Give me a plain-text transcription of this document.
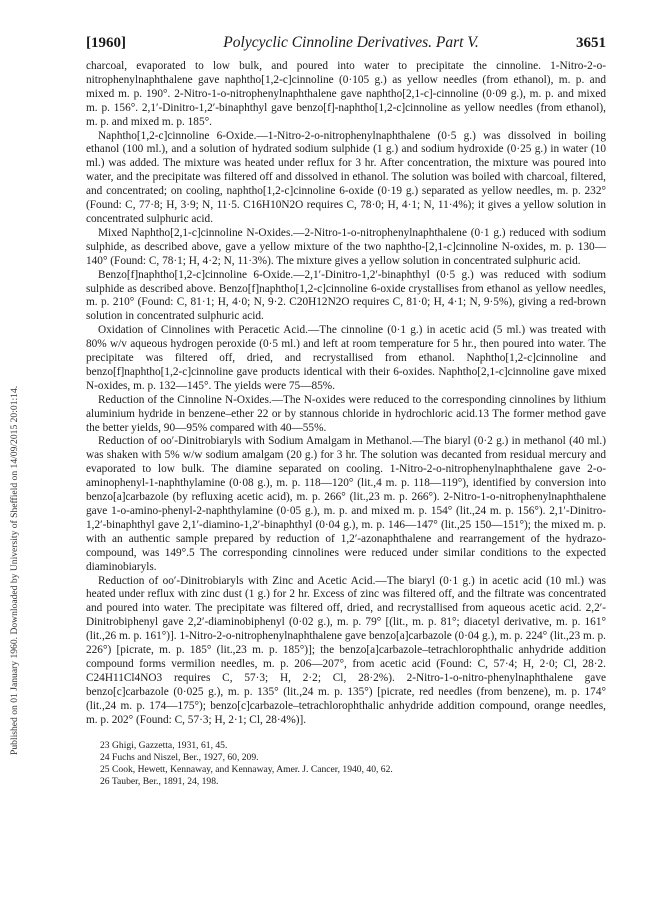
[1960]	Polycyclic Cinnoline Derivatives. Part V.	3651
Published on 01 January 1960. Downloaded by University of Sheffield on 14/09/2015 20:01:14.

charcoal, evaporated to low bulk, and poured into water to precipitate the cinnoline. 1-Nitro-2-o-nitrophenylnaphthalene gave naphtho[1,2-c]cinnoline (0·105 g.) as yellow needles (from ethanol), m. p. and mixed m. p. 190°. 2-Nitro-1-o-nitrophenylnaphthalene gave naphtho[2,1-c]-cinnoline (0·09 g.), m. p. and mixed m. p. 156°. 2,1′-Dinitro-1,2′-binaphthyl gave benzo[f]-naphtho[1,2-c]cinnoline as yellow needles (from ethanol), m. p. and mixed m. p. 185°.

Naphtho[1,2-c]cinnoline 6-Oxide.—1-Nitro-2-o-nitrophenylnaphthalene (0·5 g.) was dissolved in boiling ethanol (100 ml.), and a solution of hydrated sodium sulphide (1 g.) and sodium hydroxide (0·25 g.) in water (10 ml.) was added. The mixture was heated under reflux for 3 hr. After concentration, the mixture was poured into water, and the precipitate was filtered off and dissolved in ethanol. The solution was boiled with charcoal, filtered, and concentrated; on cooling, naphtho[1,2-c]cinnoline 6-oxide (0·19 g.) separated as yellow needles, m. p. 232° (Found: C, 77·8; H, 3·9; N, 11·5. C16H10N2O requires C, 78·0; H, 4·1; N, 11·4%); it gives a yellow solution in concentrated sulphuric acid.

Mixed Naphtho[2,1-c]cinnoline N-Oxides.—2-Nitro-1-o-nitrophenylnaphthalene (0·1 g.) reduced with sodium sulphide, as described above, gave a yellow mixture of the two naphtho-[2,1-c]cinnoline N-oxides, m. p. 130—140° (Found: C, 78·1; H, 4·2; N, 11·3%). The mixture gives a yellow solution in concentrated sulphuric acid.

Benzo[f]naphtho[1,2-c]cinnoline 6-Oxide.—2,1′-Dinitro-1,2′-binaphthyl (0·5 g.) was reduced with sodium sulphide as described above. Benzo[f]naphtho[1,2-c]cinnoline 6-oxide crystallises from ethanol as yellow needles, m. p. 210° (Found: C, 81·1; H, 4·0; N, 9·2. C20H12N2O requires C, 81·0; H, 4·1; N, 9·5%), giving a red-brown solution in concentrated sulphuric acid.

Oxidation of Cinnolines with Peracetic Acid.—The cinnoline (0·1 g.) in acetic acid (5 ml.) was treated with 80% w/v aqueous hydrogen peroxide (0·5 ml.) and left at room temperature for 5 hr., then poured into water. The precipitate was filtered off, dried, and recrystallised from ethanol. Naphtho[1,2-c]cinnoline and benzo[f]naphtho[1,2-c]cinnoline gave products identical with their 6-oxides. Naphtho[2,1-c]cinnoline gave mixed N-oxides, m. p. 132—145°. The yields were 75—85%.

Reduction of the Cinnoline N-Oxides.—The N-oxides were reduced to the corresponding cinnolines by lithium aluminium hydride in benzene–ether 22 or by stannous chloride in hydrochloric acid.13 The former method gave the better yields, 90—95% compared with 40—55%.

Reduction of oo′-Dinitrobiaryls with Sodium Amalgam in Methanol.—The biaryl (0·2 g.) in methanol (40 ml.) was shaken with 5% w/w sodium amalgam (20 g.) for 3 hr. The solution was decanted from residual mercury and evaporated to low bulk. The diamine separated on cooling. 1-Nitro-2-o-nitrophenylnaphthalene gave 2-o-aminophenyl-1-naphthylamine (0·08 g.), m. p. 118—120° (lit.,4 m. p. 118—119°), identified by conversion into benzo[a]carbazole (by refluxing acetic acid), m. p. 266° (lit.,23 m. p. 266°). 2-Nitro-1-o-nitrophenylnaphthalene gave 1-o-amino-phenyl-2-naphthylamine (0·05 g.), m. p. and mixed m. p. 154° (lit.,24 m. p. 156°). 2,1′-Dinitro-1,2′-binaphthyl gave 2,1′-diamino-1,2′-binaphthyl (0·04 g.), m. p. 146—147° (lit.,25 150—151°); the mixed m. p. with an authentic sample prepared by reduction of 1,2′-azonaphthalene and rearrangement of the hydrazo-compound, was 149°.5 The corresponding cinnolines were reduced under similar conditions to the expected diaminobiaryls.

Reduction of oo′-Dinitrobiaryls with Zinc and Acetic Acid.—The biaryl (0·1 g.) in acetic acid (10 ml.) was heated under reflux with zinc dust (1 g.) for 2 hr. Excess of zinc was filtered off, and the filtrate was concentrated and poured into water. The precipitate was filtered off, dried, and recrystallised from aqueous acetic acid. 2,2′-Dinitrobiphenyl gave 2,2′-diaminobiphenyl (0·02 g.), m. p. 79° [(lit., m. p. 81°; diacetyl derivative, m. p. 161° (lit.,26 m. p. 161°)]. 1-Nitro-2-o-nitrophenylnaphthalene gave benzo[a]carbazole (0·04 g.), m. p. 224° (lit.,23 m. p. 226°) [picrate, m. p. 185° (lit.,23 m. p. 185°)]; the benzo[a]carbazole–tetrachlorophthalic anhydride addition compound forms vermilion needles, m. p. 206—207°, from acetic acid (Found: C, 57·4; H, 2·0; Cl, 28·2. C24H11Cl4NO3 requires C, 57·3; H, 2·2; Cl, 28·2%). 2-Nitro-1-o-nitro-phenylnaphthalene gave benzo[c]carbazole (0·025 g.), m. p. 135° (lit.,24 m. p. 135°) [picrate, red needles (from benzene), m. p. 174° (lit.,24 m. p. 174—175°); benzo[c]carbazole–tetrachlorophthalic anhydride addition compound, orange needles, m. p. 202° (Found: C, 57·3; H, 2·1; Cl, 28·4%)].

23 Ghigi, Gazzetta, 1931, 61, 45.
24 Fuchs and Niszel, Ber., 1927, 60, 209.
25 Cook, Hewett, Kennaway, and Kennaway, Amer. J. Cancer, 1940, 40, 62.
26 Tauber, Ber., 1891, 24, 198.
